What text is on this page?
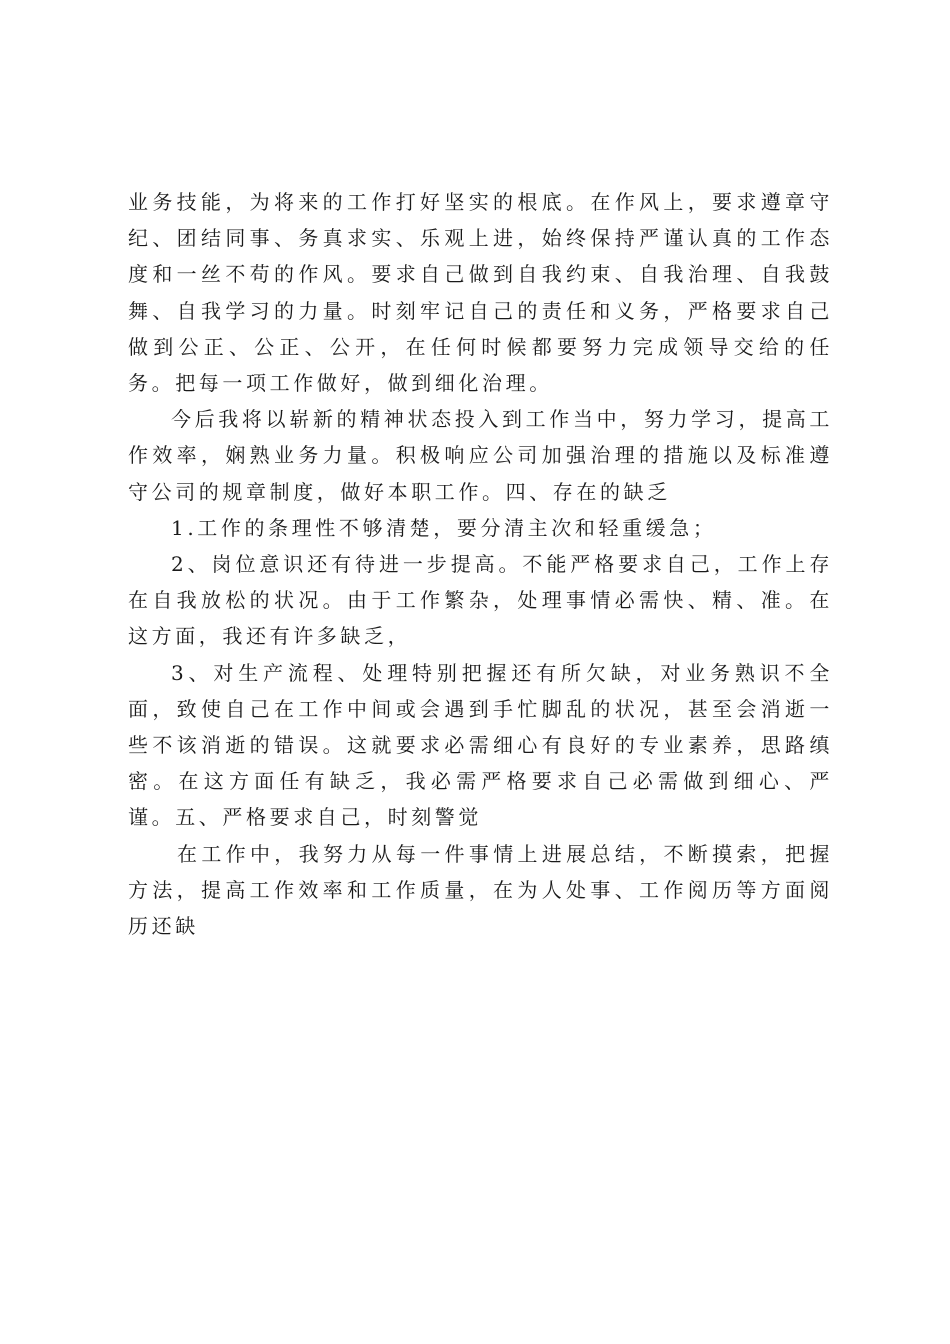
业务技能，为将来的工作打好坚实的根底。在作风上，要求遵章守纪、团结同事、务真求实、乐观上进，始终保持严谨认真的工作态度和一丝不苟的作风。要求自己做到自我约束、自我治理、自我鼓舞、自我学习的力量。时刻牢记自己的责任和义务，严格要求自己做到公正、公正、公开，在任何时候都要努力完成领导交给的任务。把每一项工作做好，做到细化治理。

今后我将以崭新的精神状态投入到工作当中，努力学习，提高工作效率，娴熟业务力量。积极响应公司加强治理的措施以及标准遵守公司的规章制度，做好本职工作。四、存在的缺乏

1.工作的条理性不够清楚，要分清主次和轻重缓急；

2、岗位意识还有待进一步提高。不能严格要求自己，工作上存在自我放松的状况。由于工作繁杂，处理事情必需快、精、准。在这方面，我还有许多缺乏，

3、对生产流程、处理特别把握还有所欠缺，对业务熟识不全面，致使自己在工作中间或会遇到手忙脚乱的状况，甚至会消逝一些不该消逝的错误。这就要求必需细心有良好的专业素养，思路缜密。在这方面任有缺乏，我必需严格要求自己必需做到细心、严谨。五、严格要求自己，时刻警觉

在工作中，我努力从每一件事情上进展总结，不断摸索，把握方法，提高工作效率和工作质量，在为人处事、工作阅历等方面阅历还缺
